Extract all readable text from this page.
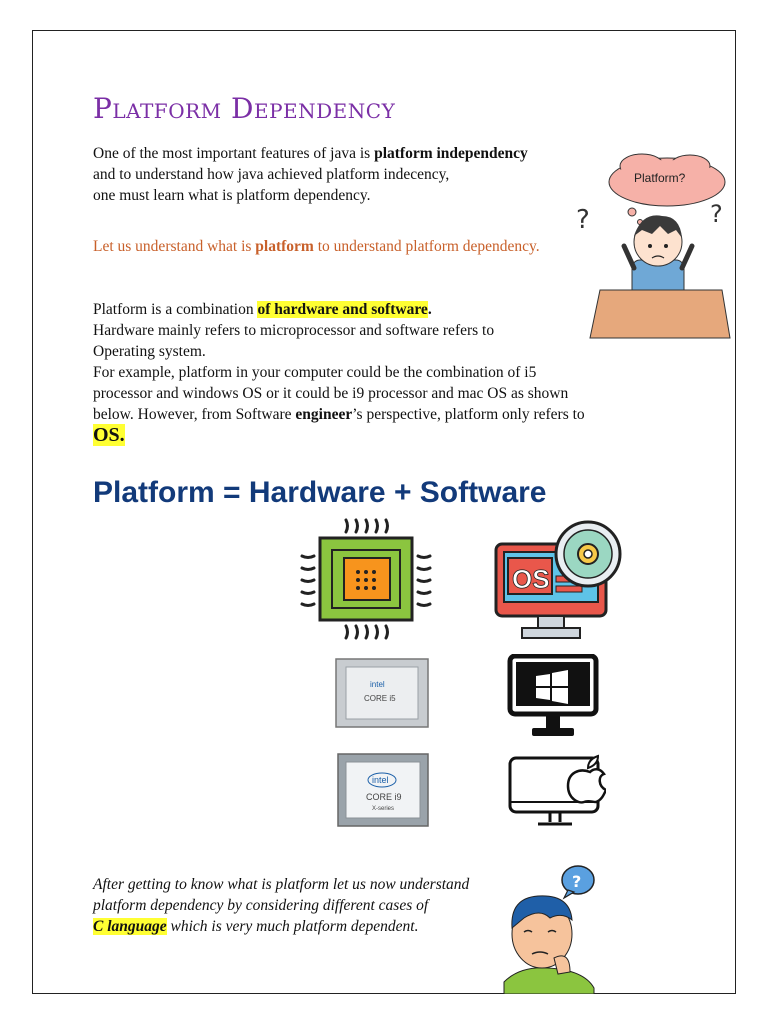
Platform Dependency

One of the most important features of java is platform independency
and to understand how java achieved platform indecency,
one must learn what is platform dependency.

Let us understand what is platform to understand platform dependency.

Platform is a combination of hardware and software.
Hardware mainly refers to microprocessor and software refers to
Operating system.
For example, platform in your computer could be the combination of i5
processor and windows OS or it could be i9 processor and mac OS as shown
below. However, from Software engineer’s perspective, platform only refers to
OS.

Platform = Hardware + Software
Platform?
?	?
OS
intel
CORE i5
intel
CORE i9
X-series
?

After getting to know what is platform let us now understand
platform dependency by considering different cases of
C language which is very much platform dependent.
